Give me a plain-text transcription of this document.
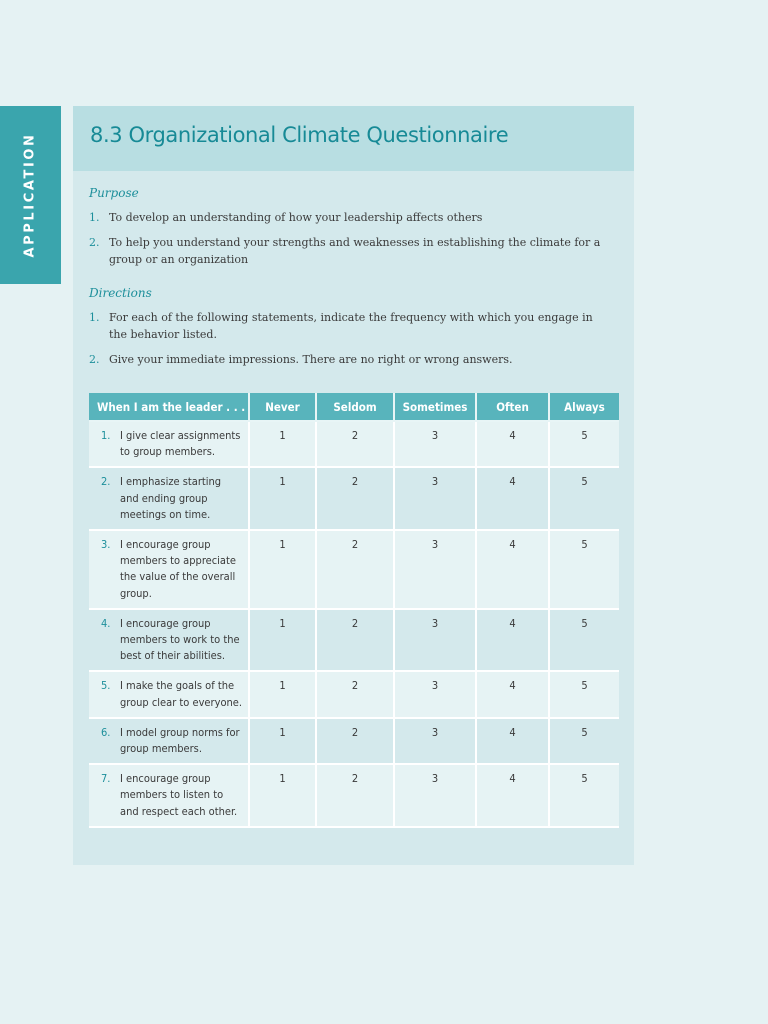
APPLICATION	8.3 Organizational Climate Questionnaire
Purpose
1. To develop an understanding of how your leadership affects others
2. To help you understand your strengths and weaknesses in establishing the climate for a group or an organization
Directions
1. For each of the following statements, indicate the frequency with which you engage in the behavior listed.
2. Give your immediate impressions. There are no right or wrong answers.
When I am the leader . . .	Never	Seldom	Sometimes	Often	Always

1. I give clear assignments to group members.	1	2	3	4	5

2. I emphasize starting and ending group meetings on time.	1	2	3	4	5

3. I encourage group members to appreciate the value of the overall group.	1	2	3	4	5

4. I encourage group members to work to the best of their abilities.	1	2	3	4	5

5. I make the goals of the group clear to everyone.	1	2	3	4	5

6. I model group norms for group members.	1	2	3	4	5

7. I encourage group members to listen to and respect each other.	1	2	3	4	5
